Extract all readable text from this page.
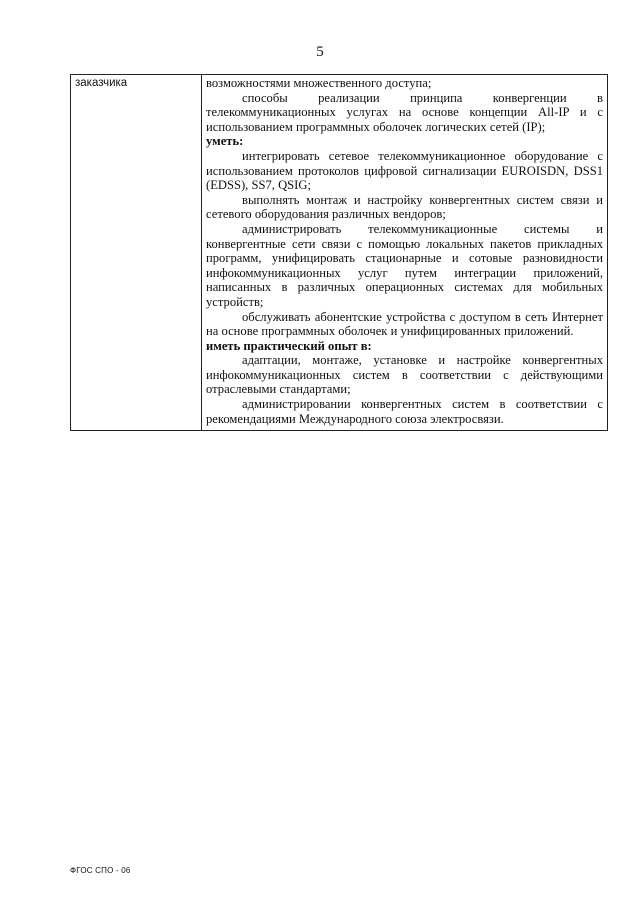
5
заказчика	возможностями множественного доступа;

способы реализации принципа конвергенции в телекоммуникационных услугах на основе концепции All-IP и с использованием программных оболочек логических сетей (IP);

уметь:

интегрировать сетевое телекоммуникационное оборудование с использованием протоколов цифровой сигнализации EUROISDN, DSS1 (EDSS), SS7, QSIG;

выполнять монтаж и настройку конвергентных систем связи и сетевого оборудования различных вендоров;

администрировать телекоммуникационные системы и конвергентные сети связи с помощью локальных пакетов прикладных программ, унифицировать стационарные и сотовые разновидности инфокоммуникационных услуг путем интеграции приложений, написанных в различных операционных системах для мобильных устройств;

обслуживать абонентские устройства с доступом в сеть Интернет на основе программных оболочек и унифицированных приложений.

иметь практический опыт в:

адаптации, монтаже, установке и настройке конвергентных инфокоммуникационных систем в соответствии с действующими отраслевыми стандартами;

администрировании конвергентных систем в соответствии с рекомендациями Международного союза электросвязи.

ФГОС СПО - 06
